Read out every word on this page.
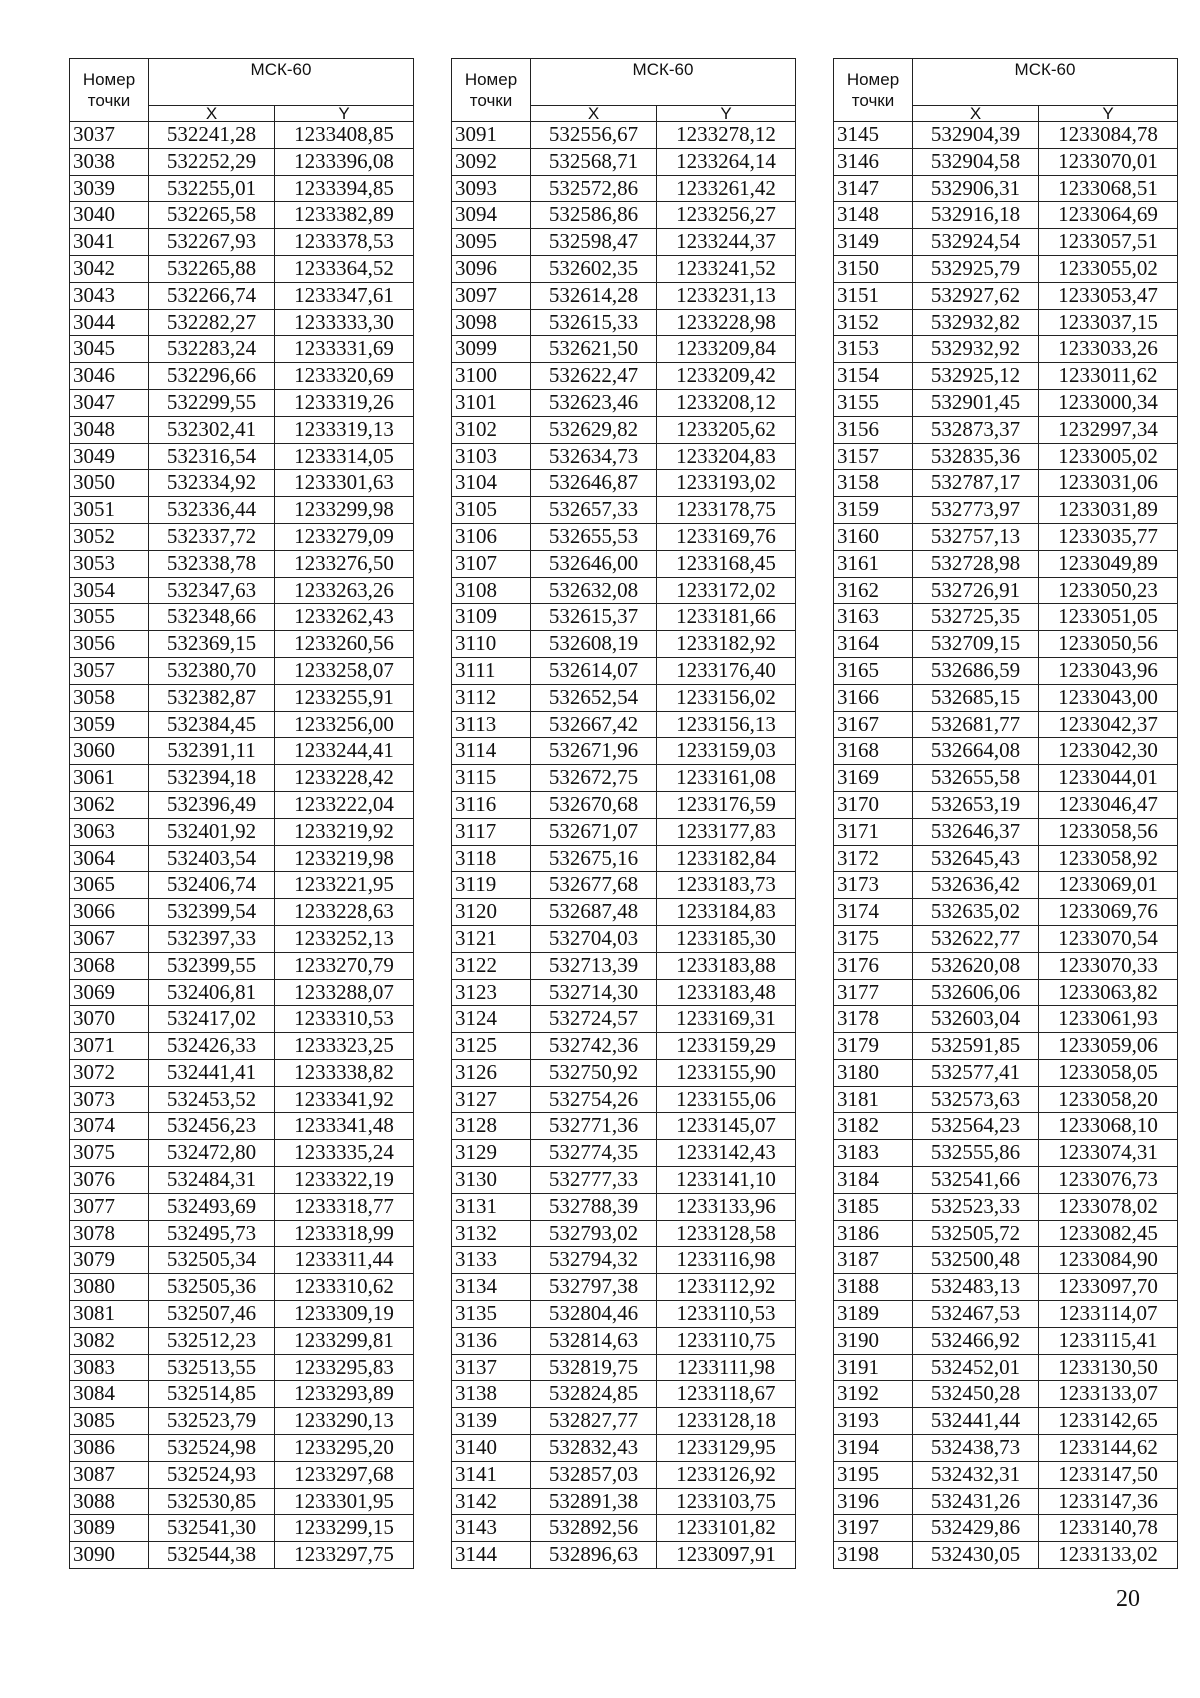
Номер
точки	МСК-60	
	X	Y
3037	532241,28	1233408,85
3038	532252,29	1233396,08
3039	532255,01	1233394,85
3040	532265,58	1233382,89
3041	532267,93	1233378,53
3042	532265,88	1233364,52
3043	532266,74	1233347,61
3044	532282,27	1233333,30
3045	532283,24	1233331,69
3046	532296,66	1233320,69
3047	532299,55	1233319,26
3048	532302,41	1233319,13
3049	532316,54	1233314,05
3050	532334,92	1233301,63
3051	532336,44	1233299,98
3052	532337,72	1233279,09
3053	532338,78	1233276,50
3054	532347,63	1233263,26
3055	532348,66	1233262,43
3056	532369,15	1233260,56
3057	532380,70	1233258,07
3058	532382,87	1233255,91
3059	532384,45	1233256,00
3060	532391,11	1233244,41
3061	532394,18	1233228,42
3062	532396,49	1233222,04
3063	532401,92	1233219,92
3064	532403,54	1233219,98
3065	532406,74	1233221,95
3066	532399,54	1233228,63
3067	532397,33	1233252,13
3068	532399,55	1233270,79
3069	532406,81	1233288,07
3070	532417,02	1233310,53
3071	532426,33	1233323,25
3072	532441,41	1233338,82
3073	532453,52	1233341,92
3074	532456,23	1233341,48
3075	532472,80	1233335,24
3076	532484,31	1233322,19
3077	532493,69	1233318,77
3078	532495,73	1233318,99
3079	532505,34	1233311,44
3080	532505,36	1233310,62
3081	532507,46	1233309,19
3082	532512,23	1233299,81
3083	532513,55	1233295,83
3084	532514,85	1233293,89
3085	532523,79	1233290,13
3086	532524,98	1233295,20
3087	532524,93	1233297,68
3088	532530,85	1233301,95
3089	532541,30	1233299,15
3090	532544,38	1233297,75
Номер
точки	МСК-60	
	X	Y
3091	532556,67	1233278,12
3092	532568,71	1233264,14
3093	532572,86	1233261,42
3094	532586,86	1233256,27
3095	532598,47	1233244,37
3096	532602,35	1233241,52
3097	532614,28	1233231,13
3098	532615,33	1233228,98
3099	532621,50	1233209,84
3100	532622,47	1233209,42
3101	532623,46	1233208,12
3102	532629,82	1233205,62
3103	532634,73	1233204,83
3104	532646,87	1233193,02
3105	532657,33	1233178,75
3106	532655,53	1233169,76
3107	532646,00	1233168,45
3108	532632,08	1233172,02
3109	532615,37	1233181,66
3110	532608,19	1233182,92
3111	532614,07	1233176,40
3112	532652,54	1233156,02
3113	532667,42	1233156,13
3114	532671,96	1233159,03
3115	532672,75	1233161,08
3116	532670,68	1233176,59
3117	532671,07	1233177,83
3118	532675,16	1233182,84
3119	532677,68	1233183,73
3120	532687,48	1233184,83
3121	532704,03	1233185,30
3122	532713,39	1233183,88
3123	532714,30	1233183,48
3124	532724,57	1233169,31
3125	532742,36	1233159,29
3126	532750,92	1233155,90
3127	532754,26	1233155,06
3128	532771,36	1233145,07
3129	532774,35	1233142,43
3130	532777,33	1233141,10
3131	532788,39	1233133,96
3132	532793,02	1233128,58
3133	532794,32	1233116,98
3134	532797,38	1233112,92
3135	532804,46	1233110,53
3136	532814,63	1233110,75
3137	532819,75	1233111,98
3138	532824,85	1233118,67
3139	532827,77	1233128,18
3140	532832,43	1233129,95
3141	532857,03	1233126,92
3142	532891,38	1233103,75
3143	532892,56	1233101,82
3144	532896,63	1233097,91
Номер
точки	МСК-60	
	X	Y
3145	532904,39	1233084,78
3146	532904,58	1233070,01
3147	532906,31	1233068,51
3148	532916,18	1233064,69
3149	532924,54	1233057,51
3150	532925,79	1233055,02
3151	532927,62	1233053,47
3152	532932,82	1233037,15
3153	532932,92	1233033,26
3154	532925,12	1233011,62
3155	532901,45	1233000,34
3156	532873,37	1232997,34
3157	532835,36	1233005,02
3158	532787,17	1233031,06
3159	532773,97	1233031,89
3160	532757,13	1233035,77
3161	532728,98	1233049,89
3162	532726,91	1233050,23
3163	532725,35	1233051,05
3164	532709,15	1233050,56
3165	532686,59	1233043,96
3166	532685,15	1233043,00
3167	532681,77	1233042,37
3168	532664,08	1233042,30
3169	532655,58	1233044,01
3170	532653,19	1233046,47
3171	532646,37	1233058,56
3172	532645,43	1233058,92
3173	532636,42	1233069,01
3174	532635,02	1233069,76
3175	532622,77	1233070,54
3176	532620,08	1233070,33
3177	532606,06	1233063,82
3178	532603,04	1233061,93
3179	532591,85	1233059,06
3180	532577,41	1233058,05
3181	532573,63	1233058,20
3182	532564,23	1233068,10
3183	532555,86	1233074,31
3184	532541,66	1233076,73
3185	532523,33	1233078,02
3186	532505,72	1233082,45
3187	532500,48	1233084,90
3188	532483,13	1233097,70
3189	532467,53	1233114,07
3190	532466,92	1233115,41
3191	532452,01	1233130,50
3192	532450,28	1233133,07
3193	532441,44	1233142,65
3194	532438,73	1233144,62
3195	532432,31	1233147,50
3196	532431,26	1233147,36
3197	532429,86	1233140,78
3198	532430,05	1233133,02
20
